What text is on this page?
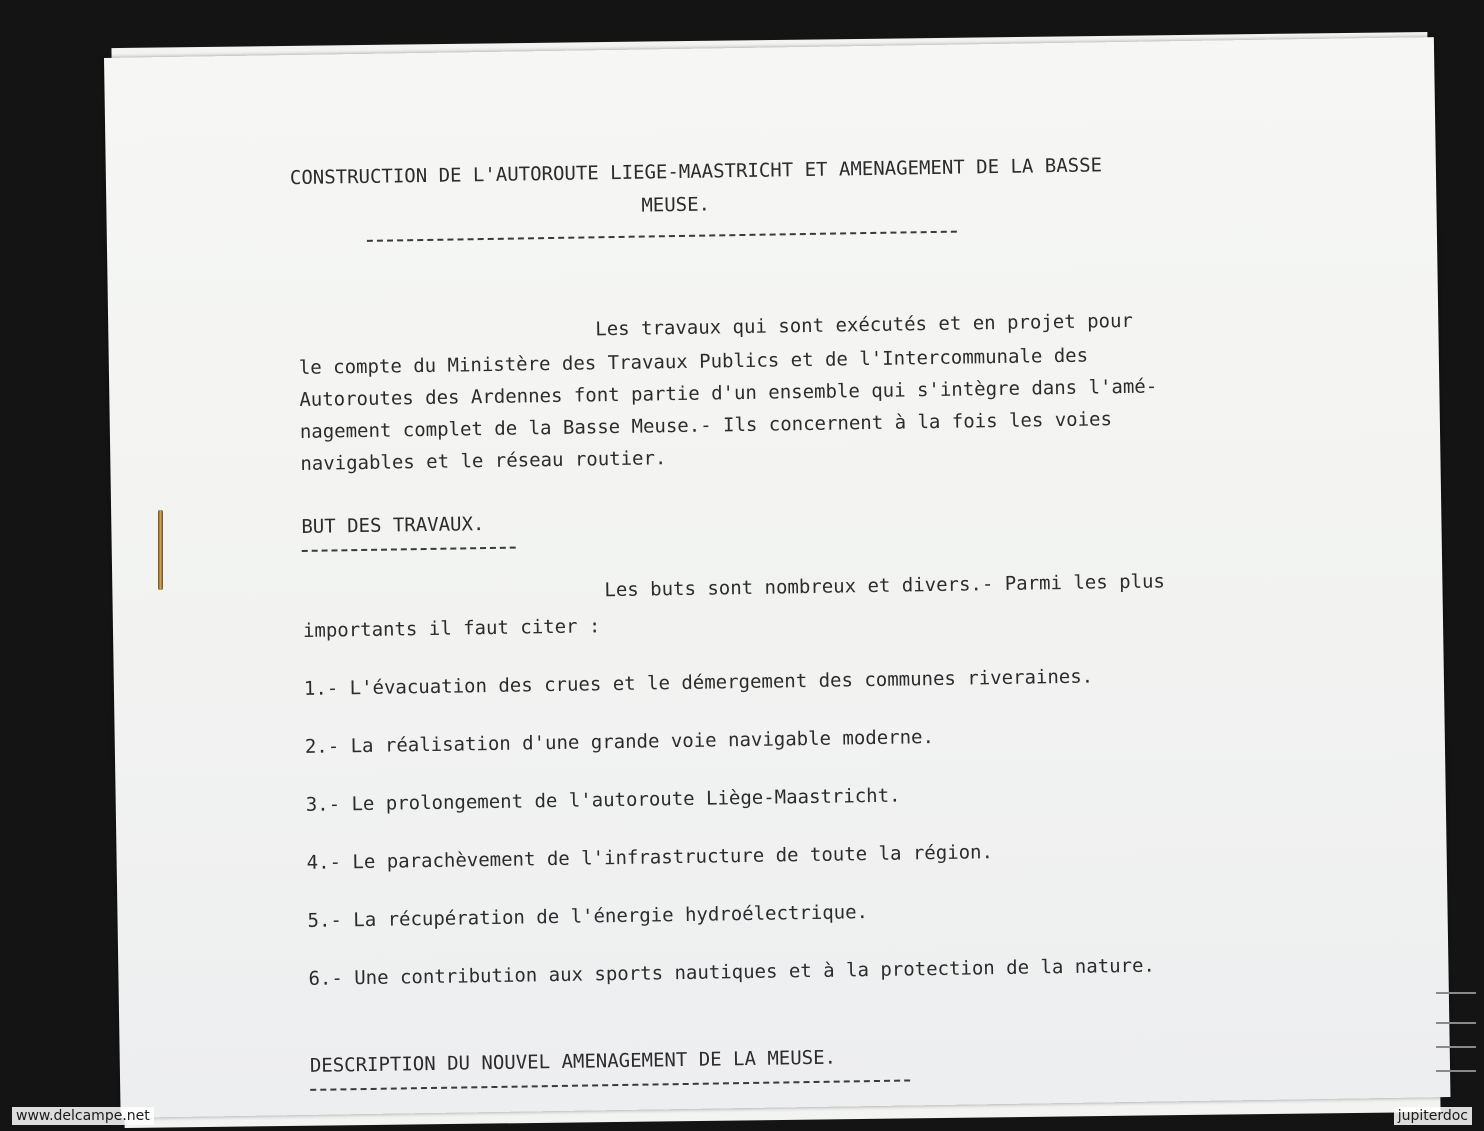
CONSTRUCTION DE L'AUTOROUTE LIEGE-MAASTRICHT ET AMENAGEMENT DE LA BASSE
MEUSE.
Les travaux qui sont exécutés et en projet pour
le compte du Ministère des Travaux Publics et de l'Intercommunale des
Autoroutes des Ardennes font partie d'un ensemble qui s'intègre dans l'amé-
nagement complet de la Basse Meuse.- Ils concernent à la fois les voies
navigables et le réseau routier.
BUT DES TRAVAUX.
Les buts sont nombreux et divers.- Parmi les plus
importants il faut citer :
1.- L'évacuation des crues et le démergement des communes riveraines.
2.- La réalisation d'une grande voie navigable moderne.
3.- Le prolongement de l'autoroute Liège-Maastricht.
4.- Le parachèvement de l'infrastructure de toute la région.
5.- La récupération de l'énergie hydroélectrique.
6.- Une contribution aux sports nautiques et à la protection de la nature.
DESCRIPTION DU NOUVEL AMENAGEMENT DE LA MEUSE.
www.delcampe.net	jupiterdoc
